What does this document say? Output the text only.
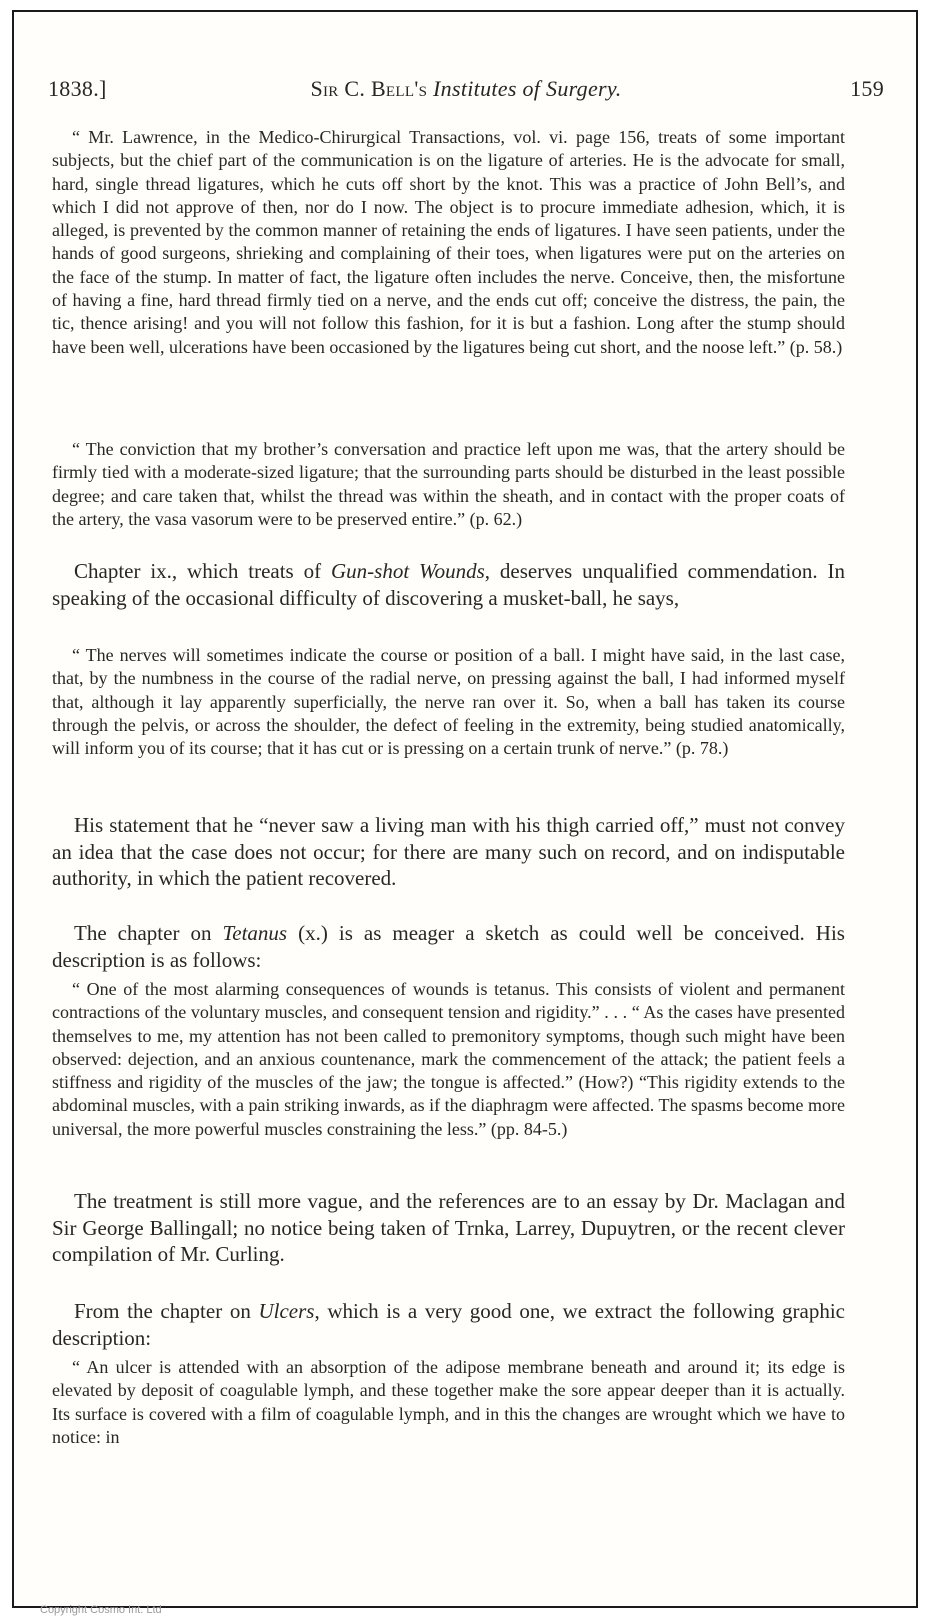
1838.]	Sir C. Bell's Institutes of Surgery.	159

“ Mr. Lawrence, in the Medico-Chirurgical Transactions, vol. vi. page 156, treats of some important subjects, but the chief part of the communication is on the ligature of arteries. He is the advocate for small, hard, single thread ligatures, which he cuts off short by the knot. This was a practice of John Bell’s, and which I did not approve of then, nor do I now. The object is to procure immediate adhesion, which, it is alleged, is prevented by the common manner of retaining the ends of ligatures. I have seen patients, under the hands of good surgeons, shrieking and complaining of their toes, when ligatures were put on the arteries on the face of the stump. In matter of fact, the ligature often includes the nerve. Conceive, then, the misfortune of having a fine, hard thread firmly tied on a nerve, and the ends cut off; conceive the distress, the pain, the tic, thence arising! and you will not follow this fashion, for it is but a fashion. Long after the stump should have been well, ulcerations have been occasioned by the ligatures being cut short, and the noose left.” (p. 58.)

“ The conviction that my brother’s conversation and practice left upon me was, that the artery should be firmly tied with a moderate-sized ligature; that the surrounding parts should be disturbed in the least possible degree; and care taken that, whilst the thread was within the sheath, and in contact with the proper coats of the artery, the vasa vasorum were to be preserved entire.” (p. 62.)

Chapter ix., which treats of Gun-shot Wounds, deserves unqualified commendation. In speaking of the occasional difficulty of discovering a musket-ball, he says,

“ The nerves will sometimes indicate the course or position of a ball. I might have said, in the last case, that, by the numbness in the course of the radial nerve, on pressing against the ball, I had informed myself that, although it lay apparently superficially, the nerve ran over it. So, when a ball has taken its course through the pelvis, or across the shoulder, the defect of feeling in the extremity, being studied anatomically, will inform you of its course; that it has cut or is pressing on a certain trunk of nerve.” (p. 78.)

His statement that he “never saw a living man with his thigh carried off,” must not convey an idea that the case does not occur; for there are many such on record, and on indisputable authority, in which the patient recovered.

The chapter on Tetanus (x.) is as meager a sketch as could well be conceived. His description is as follows:

“ One of the most alarming consequences of wounds is tetanus. This consists of violent and permanent contractions of the voluntary muscles, and consequent tension and rigidity.” . . . “ As the cases have presented themselves to me, my attention has not been called to premonitory symptoms, though such might have been observed: dejection, and an anxious countenance, mark the commencement of the attack; the patient feels a stiffness and rigidity of the muscles of the jaw; the tongue is affected.” (How?) “This rigidity extends to the abdominal muscles, with a pain striking inwards, as if the diaphragm were affected. The spasms become more universal, the more powerful muscles constraining the less.” (pp. 84-5.)

The treatment is still more vague, and the references are to an essay by Dr. Maclagan and Sir George Ballingall; no notice being taken of Trnka, Larrey, Dupuytren, or the recent clever compilation of Mr. Curling.

From the chapter on Ulcers, which is a very good one, we extract the following graphic description:

“ An ulcer is attended with an absorption of the adipose membrane beneath and around it; its edge is elevated by deposit of coagulable lymph, and these together make the sore appear deeper than it is actually. Its surface is covered with a film of coagulable lymph, and in this the changes are wrought which we have to notice: in

Copyright Cosmo Int. Ltd
